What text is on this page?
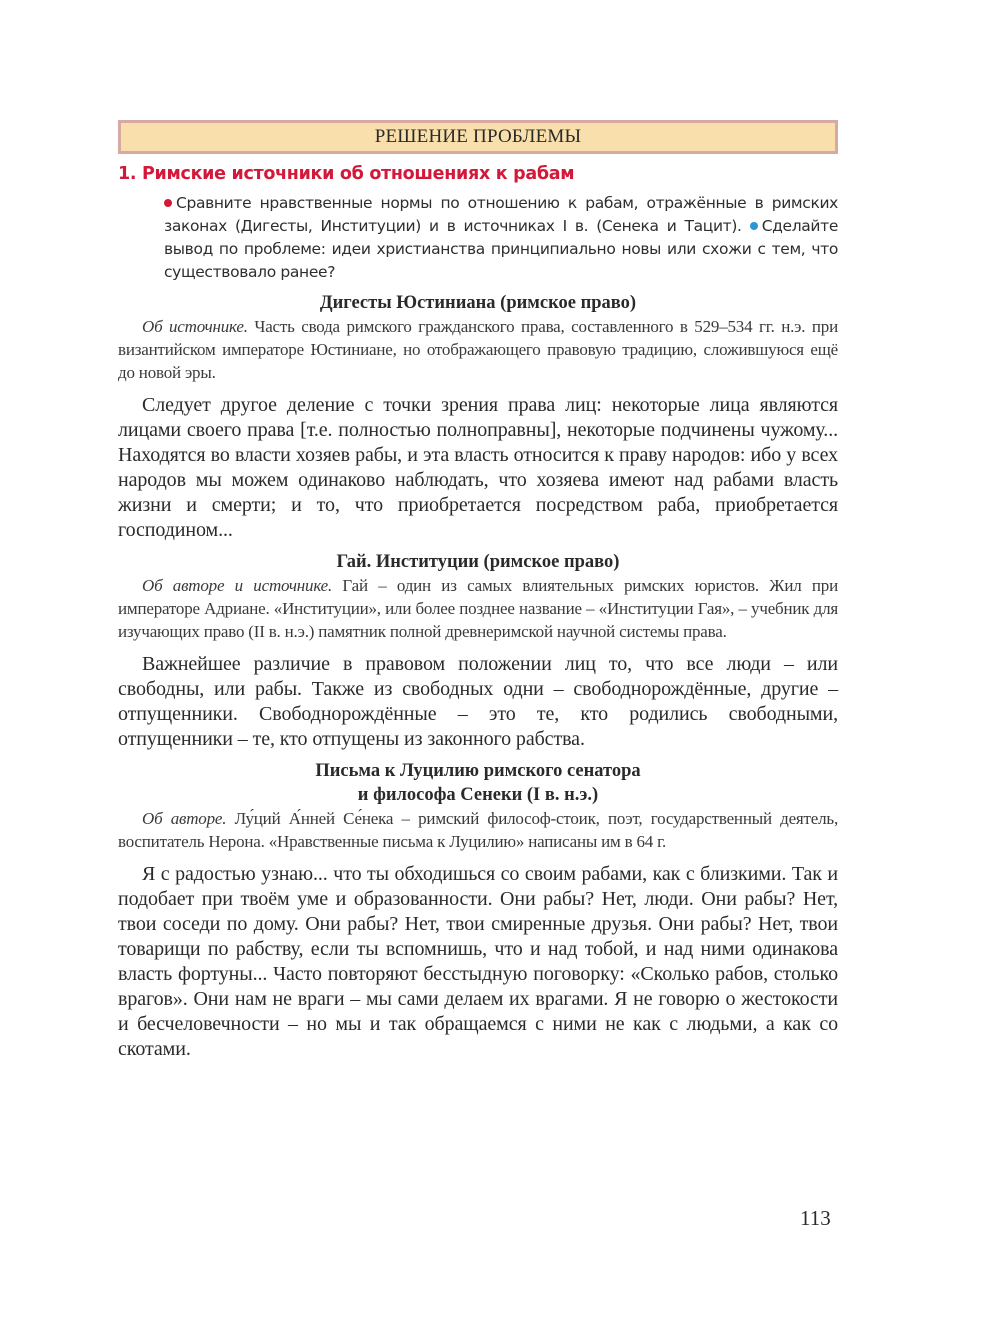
РЕШЕНИЕ ПРОБЛЕМЫ
1. Римские источники об отношениях к рабам
Сравните нравственные нормы по отношению к рабам, отражённые в римских законах (Дигесты, Институции) и в источниках I в. (Сенека и Тацит). Сделайте вывод по проблеме: идеи христианства принципиально новы или схожи с тем, что существовало ранее?
Дигесты Юстиниана (римское право)
Об источнике. Часть свода римского гражданского права, составленного в 529–534 гг. н.э. при византийском императоре Юстиниане, но отображающего правовую традицию, сложившуюся ещё до новой эры.
Следует другое деление с точки зрения права лиц: некоторые лица являются лицами своего права [т.е. полностью полноправны], некоторые подчинены чужому... Находятся во власти хозяев рабы, и эта власть относится к праву народов: ибо у всех народов мы можем одинаково наблюдать, что хозяева имеют над рабами власть жизни и смерти; и то, что приобретается посредством раба, приобретается господином...
Гай. Институции (римское право)
Об авторе и источнике. Гай – один из самых влиятельных римских юристов. Жил при императоре Адриане. «Институции», или более позднее название – «Институции Гая», – учебник для изучающих право (II в. н.э.) памятник полной древнеримской научной системы права.
Важнейшее различие в правовом положении лиц то, что все люди – или свободны, или рабы. Также из свободных одни – свободнорождённые, другие – отпущенники. Свободнорождённые – это те, кто родились свободными, отпущенники – те, кто отпущены из законного рабства.
Письма к Луцилию римского сенатора
и философа Сенеки (I в. н.э.)
Об авторе. Лу́ций А́нней Се́нека – римский философ-стоик, поэт, государственный деятель, воспитатель Нерона. «Нравственные письма к Луцилию» написаны им в 64 г.
Я с радостью узнаю... что ты обходишься со своим рабами, как с близкими. Так и подобает при твоём уме и образованности. Они рабы? Нет, люди. Они рабы? Нет, твои соседи по дому. Они рабы? Нет, твои смиренные друзья. Они рабы? Нет, твои товарищи по рабству, если ты вспомнишь, что и над тобой, и над ними одинакова власть фортуны... Часто повторяют бесстыдную поговорку: «Сколько рабов, столько врагов». Они нам не враги – мы сами делаем их врагами. Я не говорю о жестокости и бесчеловечности – но мы и так обращаемся с ними не как с людьми, а как со скотами.
113
